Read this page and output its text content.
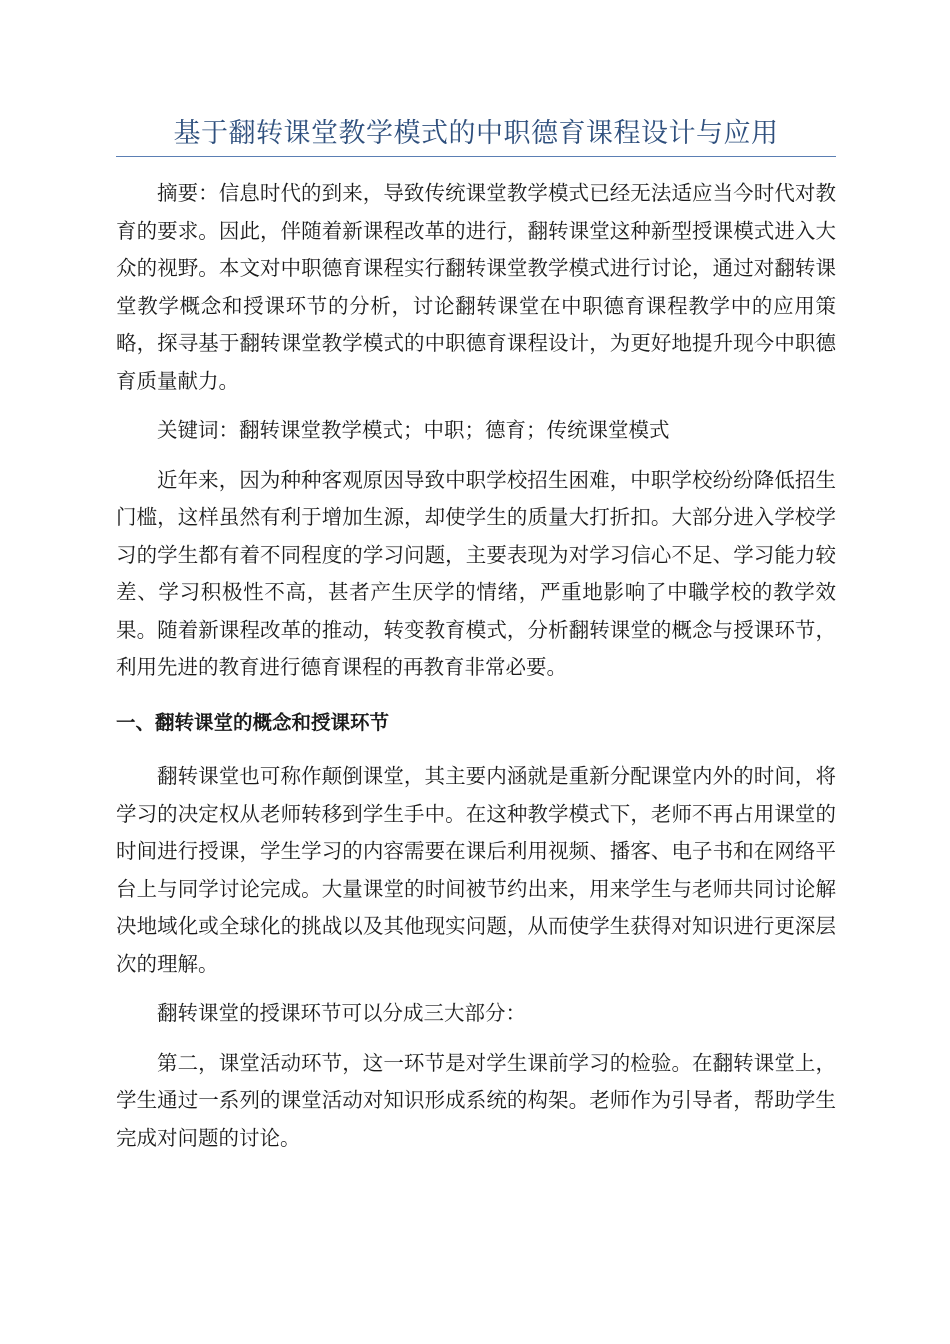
基于翻转课堂教学模式的中职德育课程设计与应用

摘要：信息时代的到来，导致传统课堂教学模式已经无法适应当今时代对教育的要求。因此，伴随着新课程改革的进行，翻转课堂这种新型授课模式进入大众的视野。本文对中职德育课程实行翻转课堂教学模式进行讨论，通过对翻转课堂教学概念和授课环节的分析，讨论翻转课堂在中职德育课程教学中的应用策略，探寻基于翻转课堂教学模式的中职德育课程设计，为更好地提升现今中职德育质量献力。

关键词：翻转课堂教学模式；中职；德育；传统课堂模式

近年来，因为种种客观原因导致中职学校招生困难，中职学校纷纷降低招生门槛，这样虽然有利于增加生源，却使学生的质量大打折扣。大部分进入学校学习的学生都有着不同程度的学习问题，主要表现为对学习信心不足、学习能力较差、学习积极性不高，甚者产生厌学的情绪，严重地影响了中職学校的教学效果。随着新课程改革的推动，转变教育模式，分析翻转课堂的概念与授课环节，利用先进的教育进行德育课程的再教育非常必要。

一、翻转课堂的概念和授课环节

翻转课堂也可称作颠倒课堂，其主要内涵就是重新分配课堂内外的时间，将学习的决定权从老师转移到学生手中。在这种教学模式下，老师不再占用课堂的时间进行授课，学生学习的内容需要在课后利用视频、播客、电子书和在网络平台上与同学讨论完成。大量课堂的时间被节约出来，用来学生与老师共同讨论解决地域化或全球化的挑战以及其他现实问题，从而使学生获得对知识进行更深层次的理解。

翻转课堂的授课环节可以分成三大部分：

第二，课堂活动环节，这一环节是对学生课前学习的检验。在翻转课堂上，学生通过一系列的课堂活动对知识形成系统的构架。老师作为引导者，帮助学生完成对问题的讨论。
